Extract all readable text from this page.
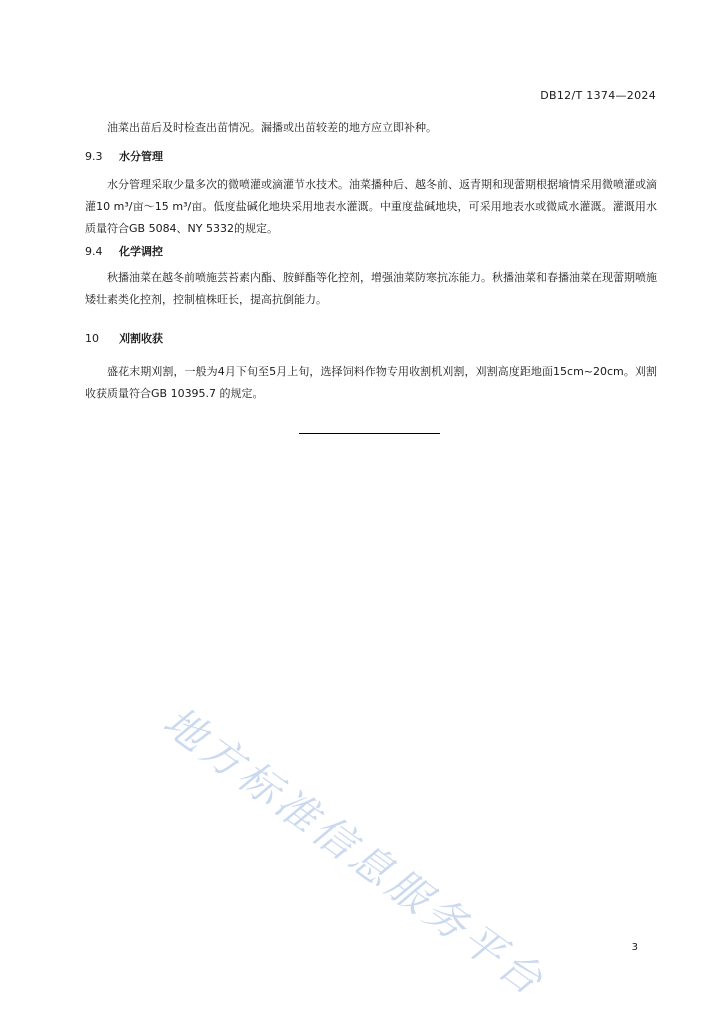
DB12/T 1374—2024

油菜出苗后及时检查出苗情况。漏播或出苗较差的地方应立即补种。

9.3 水分管理

水分管理采取少量多次的微喷灌或滴灌节水技术。油菜播种后、越冬前、返青期和现蕾期根据墒情采用微喷灌或滴灌10 m³/亩～15 m³/亩。低度盐碱化地块采用地表水灌溉。中重度盐碱地块，可采用地表水或微咸水灌溉。灌溉用水质量符合GB 5084、NY 5332的规定。

9.4 化学调控

秋播油菜在越冬前喷施芸苔素内酯、胺鲜酯等化控剂，增强油菜防寒抗冻能力。秋播油菜和春播油菜在现蕾期喷施矮壮素类化控剂，控制植株旺长，提高抗倒能力。

10 刈割收获

盛花末期刈割，一般为4月下旬至5月上旬，选择饲料作物专用收割机刈割，刈割高度距地面15cm~20cm。刈割收获质量符合GB 10395.7 的规定。

地方标准信息服务平台	3
